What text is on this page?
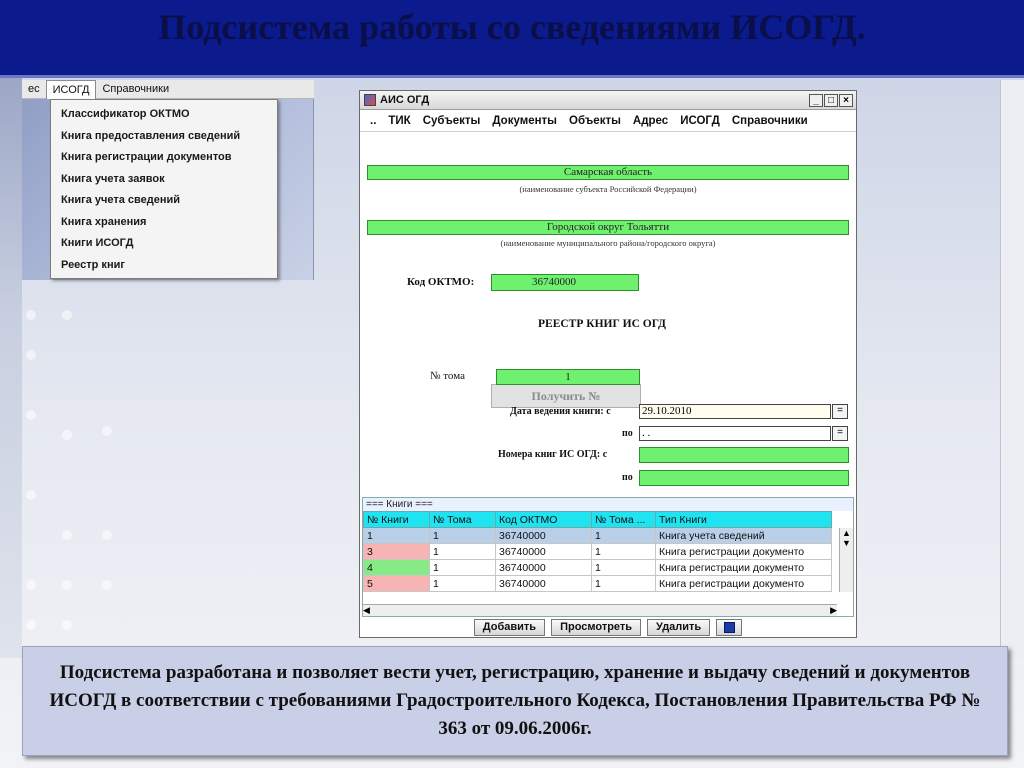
Подсистема работы со сведениями ИСОГД.
ес	ИСОГД	Справочники
Классификатор ОКТМО
Книга предоставления сведений
Книга регистрации документов
Книга учета заявок
Книга учета сведений
Книга хранения
Книги ИСОГД
Реестр книг
АИС ОГД	_ □ ×
..	ТИК	Субъекты	Документы	Объекты	Адрес	ИСОГД	Справочники
Самарская область
(наименование субъекта Российской Федерации)
Городской округ Тольятти
(наименование муниципального района/городского округа)
Код ОКТМО:	36740000
РЕЕСТР КНИГ ИС ОГД
Получить №
№ тома	1
Дата ведения книги: с	29.10.2010	=
по . .	=
Номера книг ИС ОГД: с
по
=== Книги ===
№ Книги	№ Тома	Код ОКТМО	№ Тома ...	Тип Книги
1	1	36740000	1	Книга учета сведений
3	1	36740000	1	Книга регистрации документо
4	1	36740000	1	Книга регистрации документо
5	1	36740000	1	Книга регистрации документо
▲
▼
◀	▶
Добавить	Просмотреть	Удалить
Подсистема разработана и позволяет вести учет, регистрацию, хранение и выдачу сведений и документов ИСОГД в соответствии с требованиями Градостроительного Кодекса, Постановления Правительства РФ № 363 от 09.06.2006г.
